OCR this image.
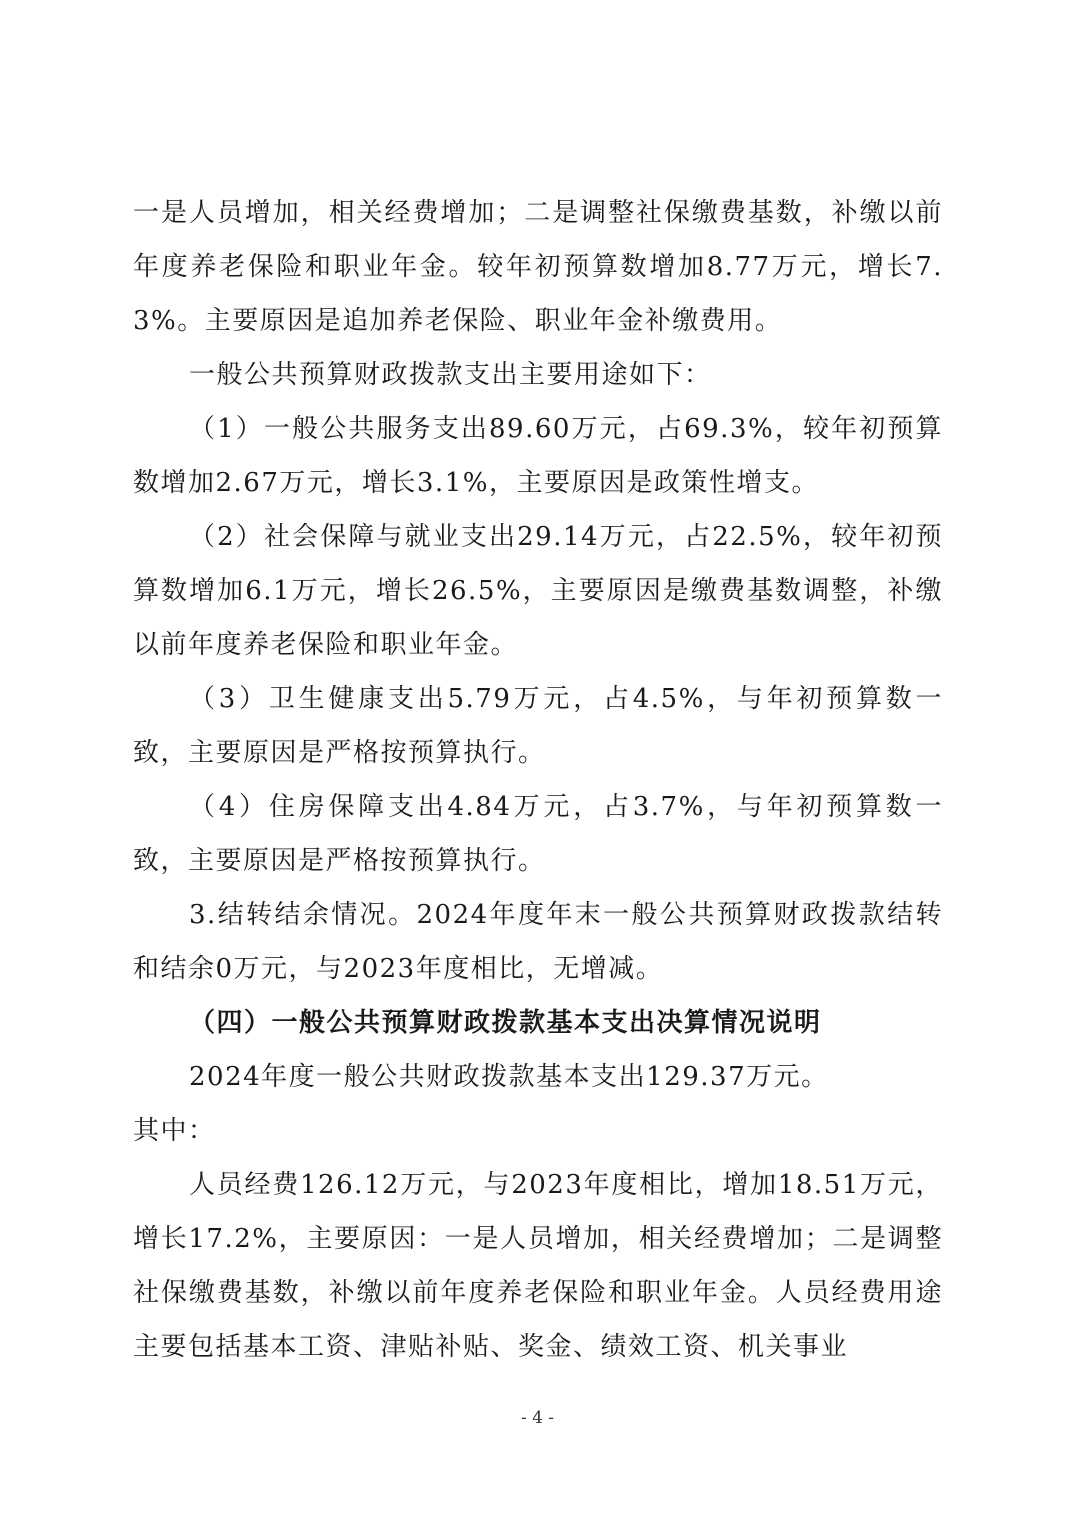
一是人员增加，相关经费增加；二是调整社保缴费基数，补缴以前年度养老保险和职业年金。较年初预算数增加8.77万元，增长7.3%。主要原因是追加养老保险、职业年金补缴费用。

一般公共预算财政拨款支出主要用途如下：

（1）一般公共服务支出89.60万元，占69.3%，较年初预算数增加2.67万元，增长3.1%，主要原因是政策性增支。

（2）社会保障与就业支出29.14万元，占22.5%，较年初预算数增加6.1万元，增长26.5%，主要原因是缴费基数调整，补缴以前年度养老保险和职业年金。

（3）卫生健康支出5.79万元，占4.5%，与年初预算数一致，主要原因是严格按预算执行。

（4）住房保障支出4.84万元，占3.7%，与年初预算数一致，主要原因是严格按预算执行。

3.结转结余情况。2024年度年末一般公共预算财政拨款结转和结余0万元，与2023年度相比，无增减。

（四）一般公共预算财政拨款基本支出决算情况说明

2024年度一般公共财政拨款基本支出129.37万元。

其中：

人员经费126.12万元，与2023年度相比，增加18.51万元，增长17.2%，主要原因：一是人员增加，相关经费增加；二是调整社保缴费基数，补缴以前年度养老保险和职业年金。人员经费用途主要包括基本工资、津贴补贴、奖金、绩效工资、机关事业

- 4 -
